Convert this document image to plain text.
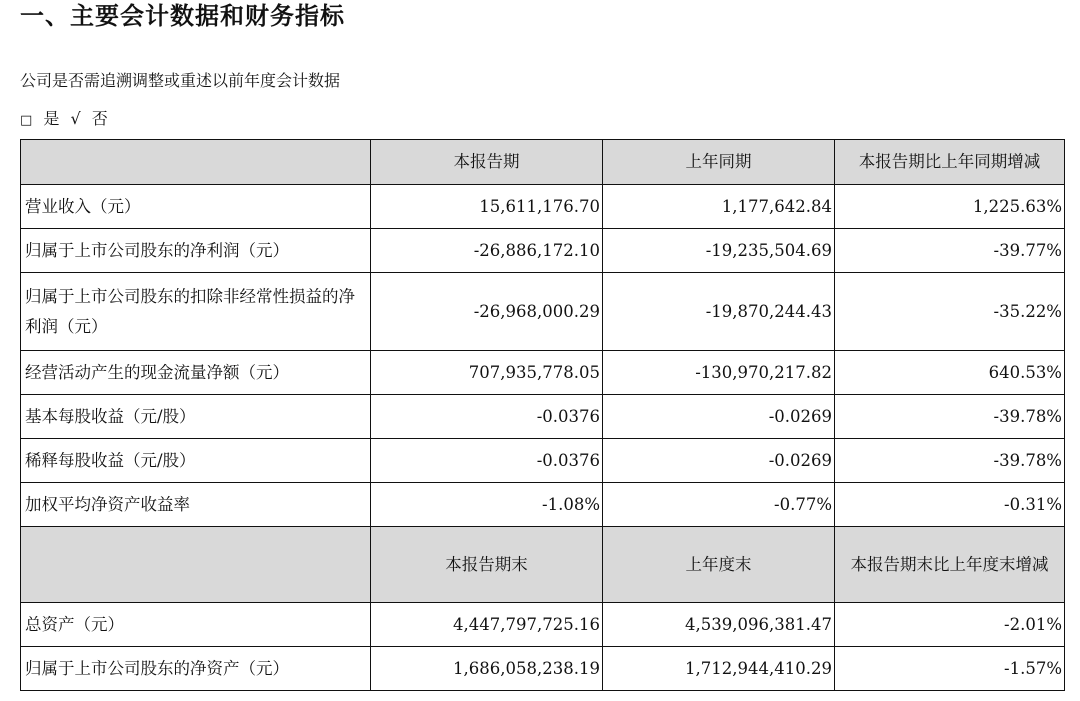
一、主要会计数据和财务指标
公司是否需追溯调整或重述以前年度会计数据
□ 是 √ 否
	本报告期	上年同期	本报告期比上年同期增减
营业收入（元）	15,611,176.70	1,177,642.84	1,225.63%
归属于上市公司股东的净利润（元）	-26,886,172.10	-19,235,504.69	-39.77%
归属于上市公司股东的扣除非经常性损益的净利润（元）	-26,968,000.29	-19,870,244.43	-35.22%
经营活动产生的现金流量净额（元）	707,935,778.05	-130,970,217.82	640.53%
基本每股收益（元/股）	-0.0376	-0.0269	-39.78%
稀释每股收益（元/股）	-0.0376	-0.0269	-39.78%
加权平均净资产收益率	-1.08%	-0.77%	-0.31%
	本报告期末	上年度末	本报告期末比上年度末增减
总资产（元）	4,447,797,725.16	4,539,096,381.47	-2.01%
归属于上市公司股东的净资产（元）	1,686,058,238.19	1,712,944,410.29	-1.57%
